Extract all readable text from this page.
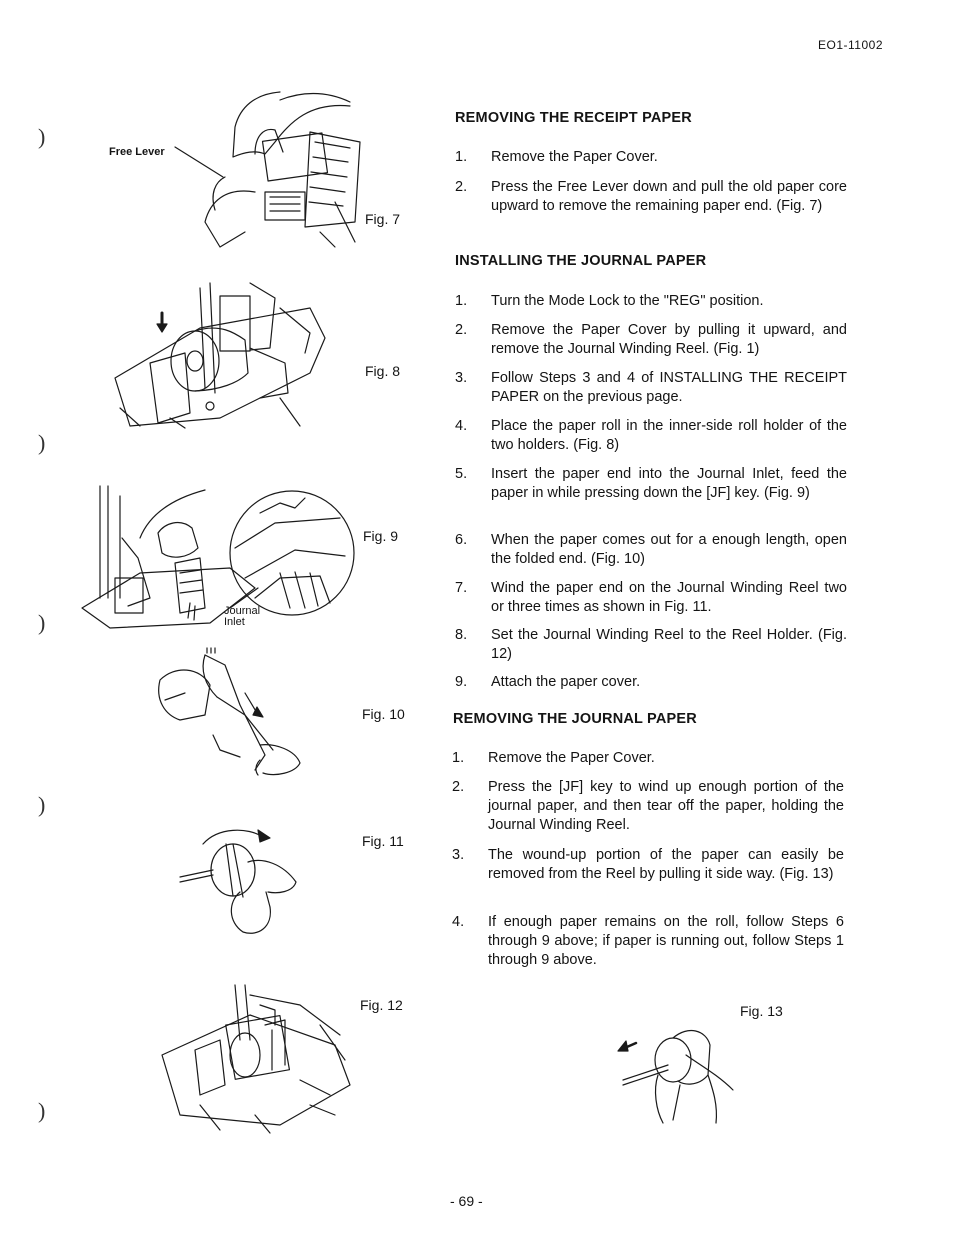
EO1-11002
)
)
)
)
)
REMOVING THE RECEIPT PAPER
1.	Remove the Paper Cover.
2.	Press the Free Lever down and pull the old paper core upward to remove the remaining paper end. (Fig. 7)
INSTALLING THE JOURNAL PAPER
1.	Turn the Mode Lock to the "REG" position.
2.	Remove the Paper Cover by pulling it upward, and remove the Journal Winding Reel. (Fig. 1)
3.	Follow Steps 3 and 4 of INSTALLING THE RECEIPT PAPER on the previous page.
4.	Place the paper roll in the inner-side roll holder of the two holders. (Fig. 8)
5.	Insert the paper end into the Journal Inlet, feed the paper in while pressing down the [JF] key. (Fig. 9)
6.	When the paper comes out for a enough length, open the folded end. (Fig. 10)
7.	Wind the paper end on the Journal Winding Reel two or three times as shown in Fig. 11.
8.	Set the Journal Winding Reel to the Reel Holder. (Fig. 12)
9.	Attach the paper cover.
REMOVING THE JOURNAL PAPER
1.	Remove the Paper Cover.
2.	Press the [JF] key to wind up enough portion of the journal paper, and then tear off the paper, holding the Journal Winding Reel.
3.	The wound-up portion of the paper can easily be removed from the Reel by pulling it side way. (Fig. 13)
4.	If enough paper remains on the roll, follow Steps 6 through 9 above; if paper is running out, follow Steps 1 through 9 above.
Free Lever
Fig. 7
Fig. 8
Journal
Inlet
Fig. 9
Fig. 10
Fig. 11
Fig. 12	Fig. 13
- 69 -
